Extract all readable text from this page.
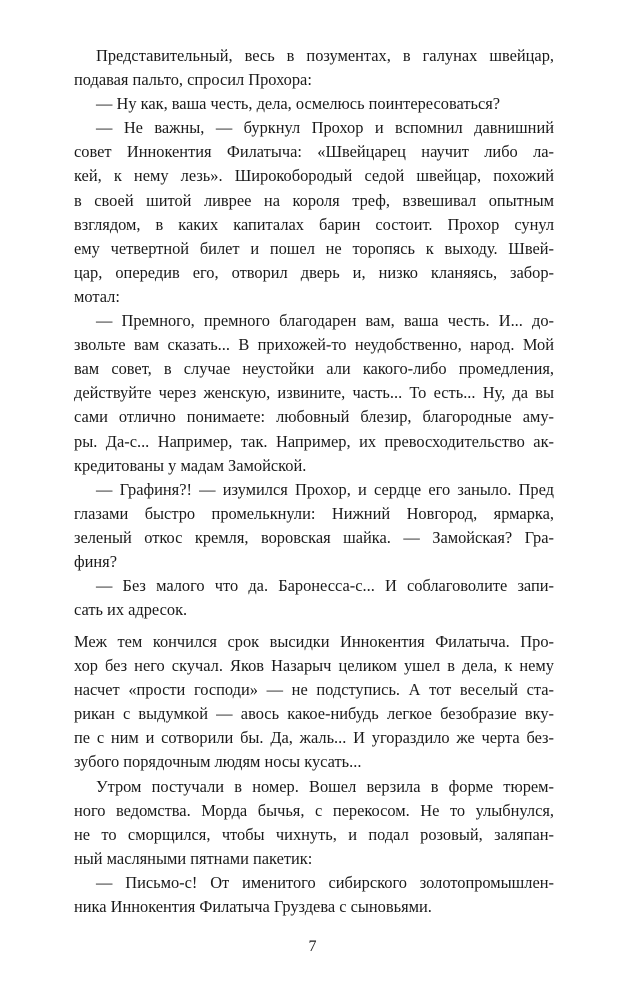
Представительный, весь в позументах, в галунах швейцар,
подавая пальто, спросил Прохора:

— Ну как, ваша честь, дела, осмелюсь поинтересоваться?

— Не важны, — буркнул Прохор и вспомнил давнишний
совет Иннокентия Филатыча: «Швейцарец научит либо ла-
кей, к нему лезь». Широкобородый седой швейцар, похожий
в своей шитой ливрее на короля треф, взвешивал опытным
взглядом, в каких капиталах барин состоит. Прохор сунул
ему четвертной билет и пошел не торопясь к выходу. Швей-
цар, опередив его, отворил дверь и, низко кланяясь, забор-
мотал:

— Премного, премного благодарен вам, ваша честь. И... до-
звольте вам сказать... В прихожей-то неудобственно, народ. Мой
вам совет, в случае неустойки али какого-либо промедления,
действуйте через женскую, извините, часть... То есть... Ну, да вы
сами отлично понимаете: любовный блезир, благородные аму-
ры. Да-с... Например, так. Например, их превосходительство ак-
кредитованы у мадам Замойской.

— Графиня?! — изумился Прохор, и сердце его заныло. Пред
глазами быстро промелькнули: Нижний Новгород, ярмарка,
зеленый откос кремля, воровская шайка. — Замойская? Гра-
финя?

— Без малого что да. Баронесса-с... И соблаговолите запи-
сать их адресок.

Меж тем кончился срок высидки Иннокентия Филатыча. Про-
хор без него скучал. Яков Назарыч целиком ушел в дела, к нему
насчет «прости господи» — не подступись. А тот веселый ста-
рикан с выдумкой — авось какое-нибудь легкое безобразие вку-
пе с ним и сотворили бы. Да, жаль... И угораздило же черта без-
зубого порядочным людям носы кусать...

Утром постучали в номер. Вошел верзила в форме тюрем-
ного ведомства. Морда бычья, с перекосом. Не то улыбнулся,
не то сморщился, чтобы чихнуть, и подал розовый, заляпан-
ный масляными пятнами пакетик:

— Письмо-с! От именитого сибирского золотопромышлен-
ника Иннокентия Филатыча Груздева с сыновьями.

7
